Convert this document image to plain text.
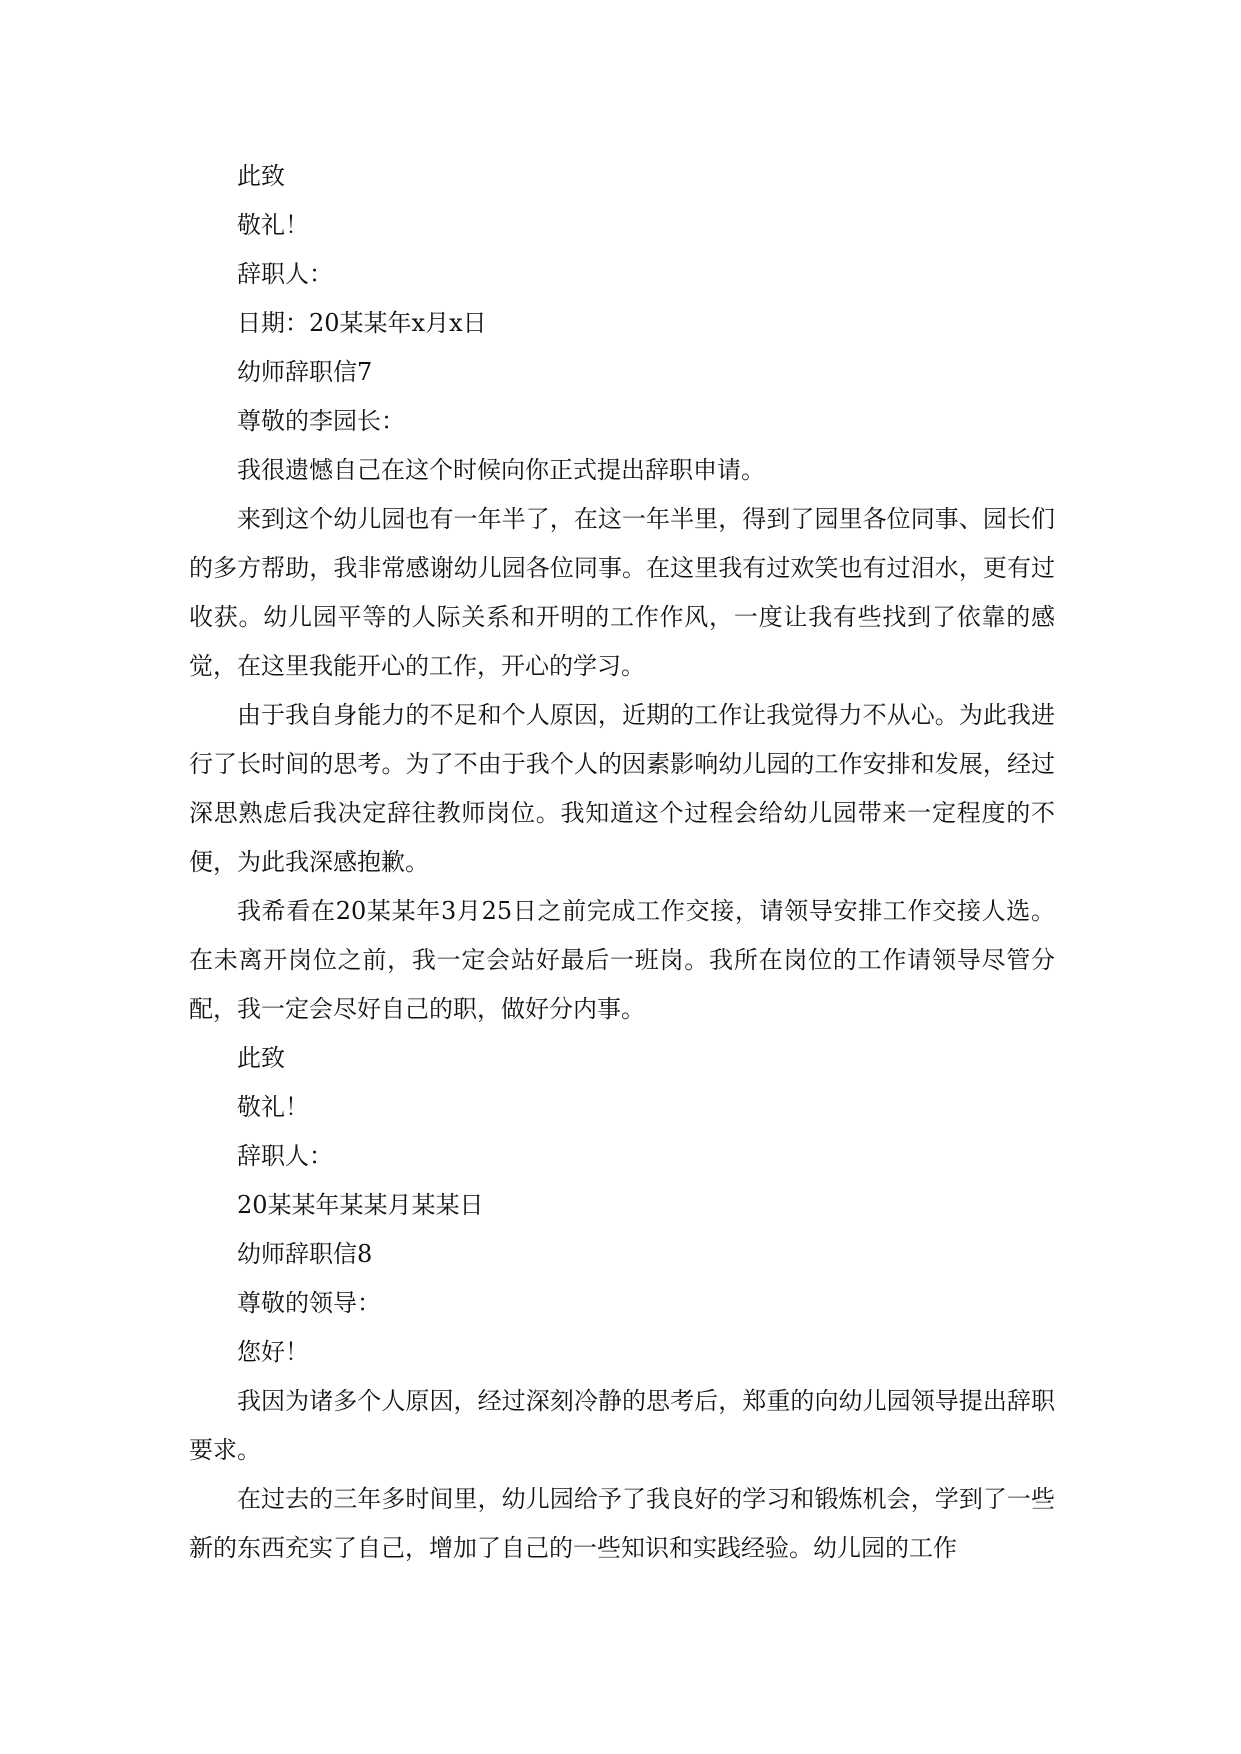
此致

敬礼！

辞职人：

日期：20某某年x月x日

幼师辞职信7

尊敬的李园长：

我很遗憾自己在这个时候向你正式提出辞职申请。

来到这个幼儿园也有一年半了，在这一年半里，得到了园里各位同事、园长们的多方帮助，我非常感谢幼儿园各位同事。在这里我有过欢笑也有过泪水，更有过收获。幼儿园平等的人际关系和开明的工作作风，一度让我有些找到了依靠的感觉，在这里我能开心的工作，开心的学习。

由于我自身能力的不足和个人原因，近期的工作让我觉得力不从心。为此我进行了长时间的思考。为了不由于我个人的因素影响幼儿园的工作安排和发展，经过深思熟虑后我决定辞往教师岗位。我知道这个过程会给幼儿园带来一定程度的不便，为此我深感抱歉。

我希看在20某某年3月25日之前完成工作交接，请领导安排工作交接人选。在未离开岗位之前，我一定会站好最后一班岗。我所在岗位的工作请领导尽管分配，我一定会尽好自己的职，做好分内事。

此致

敬礼！

辞职人：

20某某年某某月某某日

幼师辞职信8

尊敬的领导：

您好！

我因为诸多个人原因，经过深刻冷静的思考后，郑重的向幼儿园领导提出辞职要求。

在过去的三年多时间里，幼儿园给予了我良好的学习和锻炼机会，学到了一些新的东西充实了自己，增加了自己的一些知识和实践经验。幼儿园的工作
